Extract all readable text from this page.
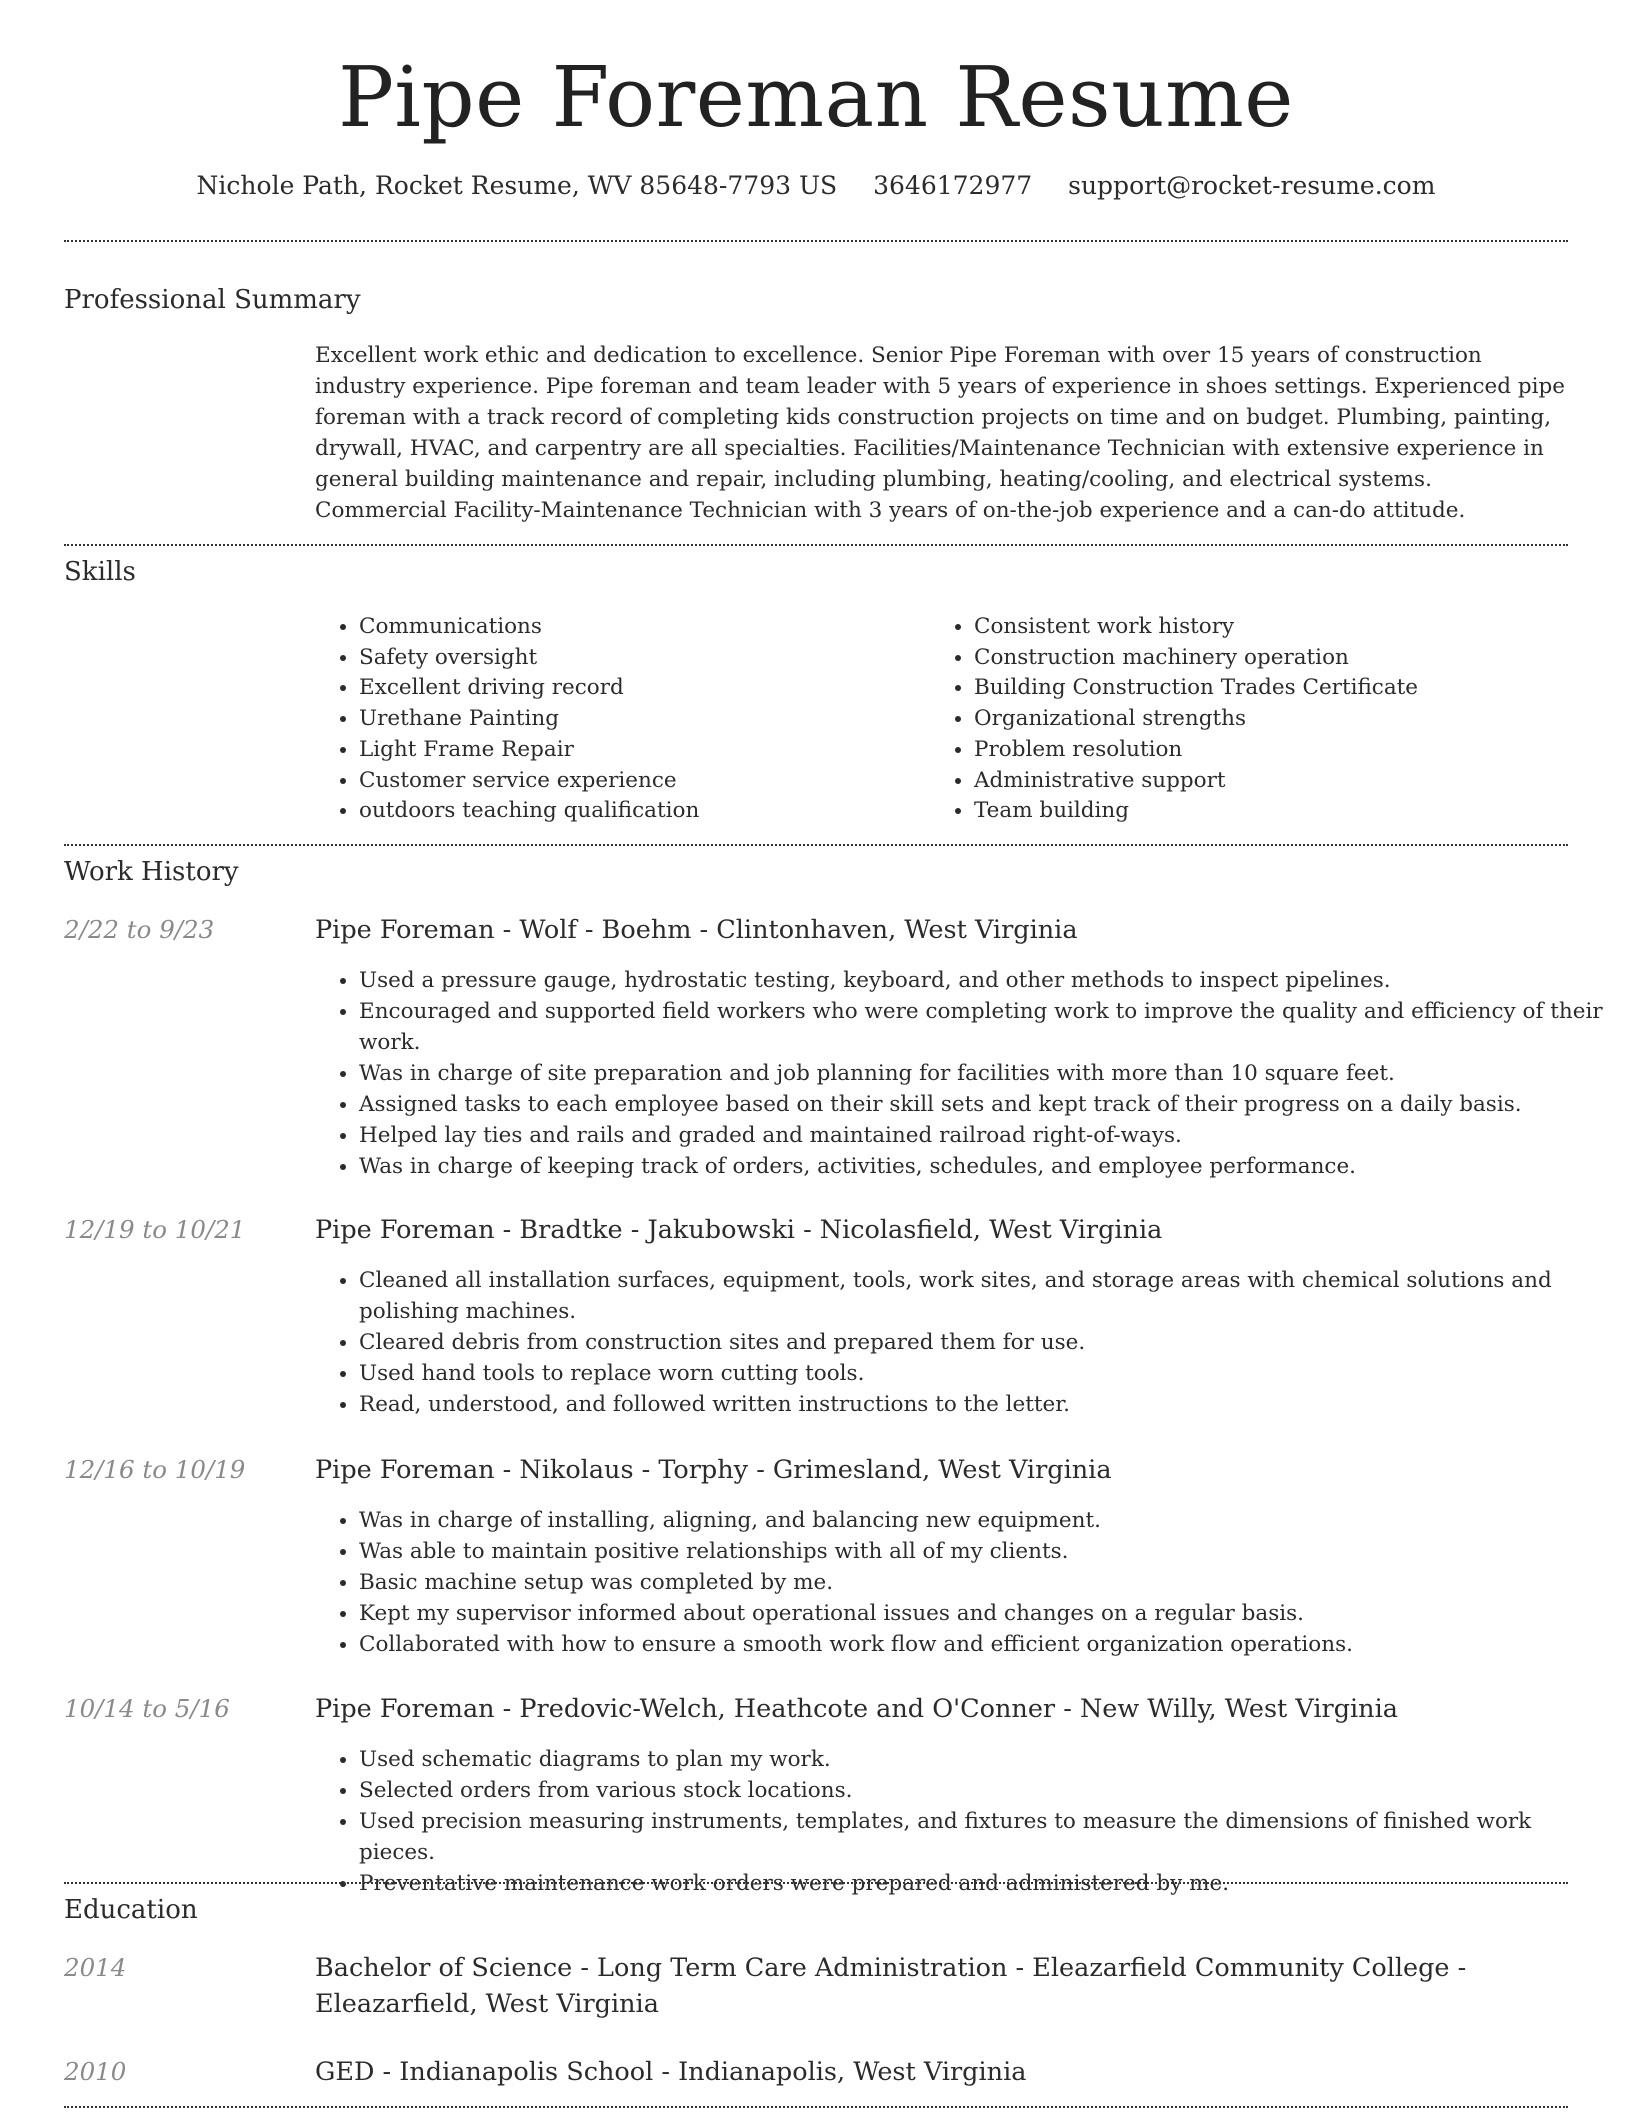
Pipe Foreman Resume
Nichole Path, Rocket Resume, WV 85648-7793 US 3646172977 support@rocket-resume.com
Professional Summary

Excellent work ethic and dedication to excellence. Senior Pipe Foreman with over 15 years of construction industry experience. Pipe foreman and team leader with 5 years of experience in shoes settings. Experienced pipe foreman with a track record of completing kids construction projects on time and on budget. Plumbing, painting, drywall, HVAC, and carpentry are all specialties. Facilities/Maintenance Technician with extensive experience in general building maintenance and repair, including plumbing, heating/cooling, and electrical systems. Commercial Facility-Maintenance Technician with 3 years of on-the-job experience and a can-do attitude.

Skills
• Communications
• Safety oversight
• Excellent driving record
• Urethane Painting
• Light Frame Repair
• Customer service experience
• outdoors teaching qualification
• Consistent work history
• Construction machinery operation
• Building Construction Trades Certificate
• Organizational strengths
• Problem resolution
• Administrative support
• Team building
Work History
2/22 to 9/23	Pipe Foreman - Wolf - Boehm - Clintonhaven, West Virginia
• Used a pressure gauge, hydrostatic testing, keyboard, and other methods to inspect pipelines.
• Encouraged and supported field workers who were completing work to improve the quality and efficiency of their work.
• Was in charge of site preparation and job planning for facilities with more than 10 square feet.
• Assigned tasks to each employee based on their skill sets and kept track of their progress on a daily basis.
• Helped lay ties and rails and graded and maintained railroad right-of-ways.
• Was in charge of keeping track of orders, activities, schedules, and employee performance.
12/19 to 10/21	Pipe Foreman - Bradtke - Jakubowski - Nicolasfield, West Virginia
• Cleaned all installation surfaces, equipment, tools, work sites, and storage areas with chemical solutions and polishing machines.
• Cleared debris from construction sites and prepared them for use.
• Used hand tools to replace worn cutting tools.
• Read, understood, and followed written instructions to the letter.
12/16 to 10/19	Pipe Foreman - Nikolaus - Torphy - Grimesland, West Virginia
• Was in charge of installing, aligning, and balancing new equipment.
• Was able to maintain positive relationships with all of my clients.
• Basic machine setup was completed by me.
• Kept my supervisor informed about operational issues and changes on a regular basis.
• Collaborated with how to ensure a smooth work flow and efficient organization operations.
10/14 to 5/16	Pipe Foreman - Predovic-Welch, Heathcote and O'Conner - New Willy, West Virginia
• Used schematic diagrams to plan my work.
• Selected orders from various stock locations.
• Used precision measuring instruments, templates, and fixtures to measure the dimensions of finished work pieces.
• Preventative maintenance work orders were prepared and administered by me.
Education
2014	Bachelor of Science - Long Term Care Administration - Eleazarfield Community College - Eleazarfield, West Virginia
2010	GED - Indianapolis School - Indianapolis, West Virginia
